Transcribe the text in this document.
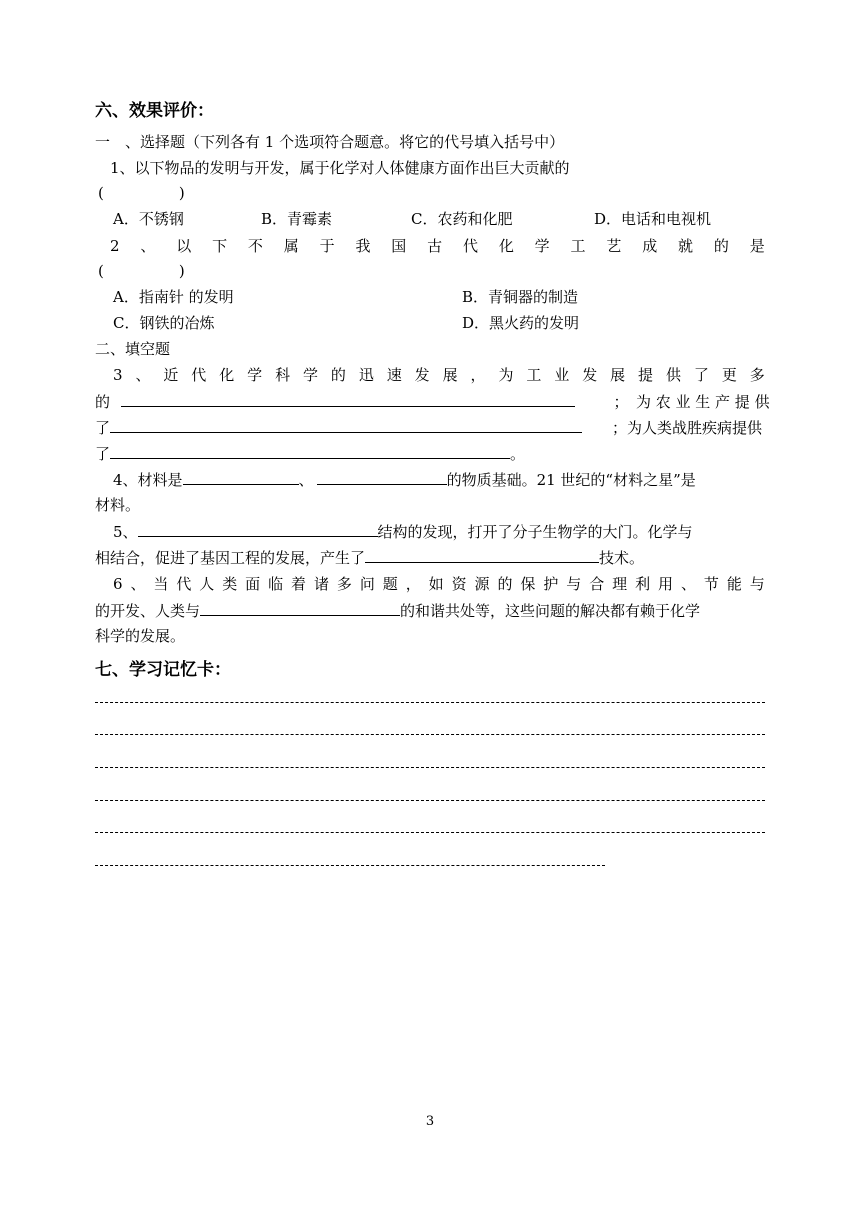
六、效果评价：
一　、选择题（下列各有 1 个选项符合题意。将它的代号填入括号中）
1、以下物品的发明与开发，属于化学对人体健康方面作出巨大贡献的
(　　　　　)
A．不锈钢	B．青霉素	C．农药和化肥	D．电话和电视机
2 、 以 下 不 属 于 我 国 古 代 化 学 工 艺 成 就 的 是
(　　　　　)
A．指南针 的发明	B．青铜器的制造
C．钢铁的冶炼	D．黑火药的发明
二、填空题
3 、 近 代 化 学 科 学 的 迅 速 发 展 ， 为 工 业 发 展 提 供 了 更 多
的	；　为 农 业 生 产 提 供
了	；为人类战胜疾病提供
了	。
4、材料是	、	的物质基础。21 世纪的“材料之星”是
材料。
5、	结构的发现，打开了分子生物学的大门。化学与
相结合，促进了基因工程的发展，产生了	技术。
6 、 当 代 人 类 面 临 着 诸 多 问 题 ， 如 资 源 的 保 护 与 合 理 利 用 、 节 能 与
的开发、人类与	的和谐共处等，这些问题的解决都有赖于化学
科学的发展。
七、学习记忆卡：
3
